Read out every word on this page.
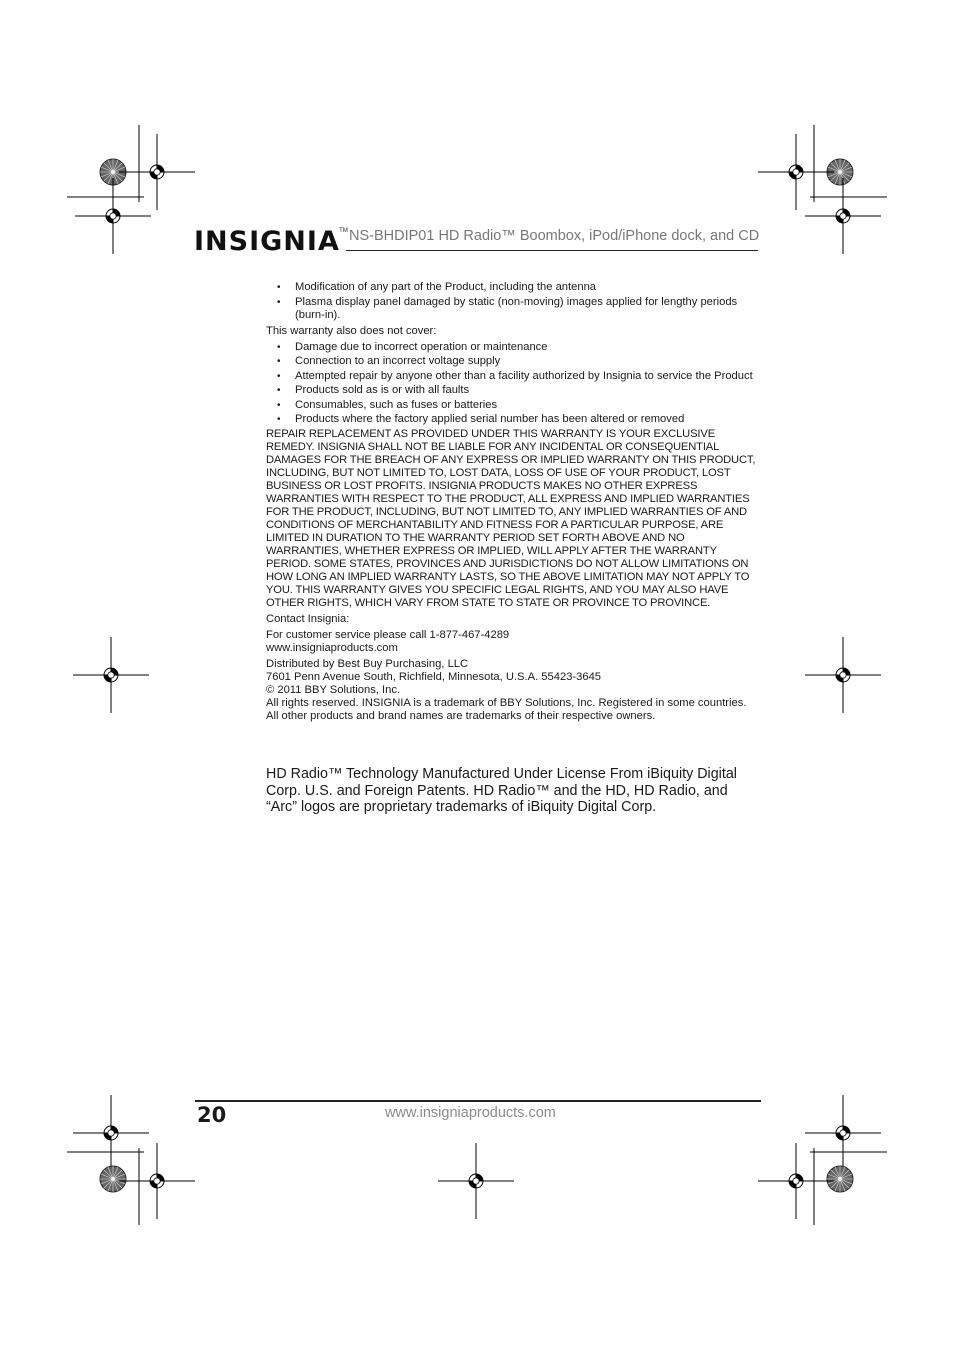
INSIGNIA TM NS-BHDIP01 HD Radio™ Boombox, iPod/iPhone dock, and CD
• Modification of any part of the Product, including the antenna
• Plasma display panel damaged by static (non-moving) images applied for lengthy periods (burn-in).

This warranty also does not cover:

• Damage due to incorrect operation or maintenance
• Connection to an incorrect voltage supply
• Attempted repair by anyone other than a facility authorized by Insignia to service the Product
• Products sold as is or with all faults
• Consumables, such as fuses or batteries
• Products where the factory applied serial number has been altered or removed

REPAIR REPLACEMENT AS PROVIDED UNDER THIS WARRANTY IS YOUR EXCLUSIVE REMEDY. INSIGNIA SHALL NOT BE LIABLE FOR ANY INCIDENTAL OR CONSEQUENTIAL DAMAGES FOR THE BREACH OF ANY EXPRESS OR IMPLIED WARRANTY ON THIS PRODUCT, INCLUDING, BUT NOT LIMITED TO, LOST DATA, LOSS OF USE OF YOUR PRODUCT, LOST BUSINESS OR LOST PROFITS. INSIGNIA PRODUCTS MAKES NO OTHER EXPRESS WARRANTIES WITH RESPECT TO THE PRODUCT, ALL EXPRESS AND IMPLIED WARRANTIES FOR THE PRODUCT, INCLUDING, BUT NOT LIMITED TO, ANY IMPLIED WARRANTIES OF AND CONDITIONS OF MERCHANTABILITY AND FITNESS FOR A PARTICULAR PURPOSE, ARE LIMITED IN DURATION TO THE WARRANTY PERIOD SET FORTH ABOVE AND NO WARRANTIES, WHETHER EXPRESS OR IMPLIED, WILL APPLY AFTER THE WARRANTY PERIOD. SOME STATES, PROVINCES AND JURISDICTIONS DO NOT ALLOW LIMITATIONS ON HOW LONG AN IMPLIED WARRANTY LASTS, SO THE ABOVE LIMITATION MAY NOT APPLY TO YOU. THIS WARRANTY GIVES YOU SPECIFIC LEGAL RIGHTS, AND YOU MAY ALSO HAVE OTHER RIGHTS, WHICH VARY FROM STATE TO STATE OR PROVINCE TO PROVINCE.

Contact Insignia:

For customer service please call 1-877-467-4289

www.insigniaproducts.com

Distributed by Best Buy Purchasing, LLC

7601 Penn Avenue South, Richfield, Minnesota, U.S.A. 55423-3645

© 2011 BBY Solutions, Inc.

All rights reserved. INSIGNIA is a trademark of BBY Solutions, Inc. Registered in some countries. All other products and brand names are trademarks of their respective owners.

HD Radio™ Technology Manufactured Under License From iBiquity Digital Corp. U.S. and Foreign Patents. HD Radio™ and the HD, HD Radio, and “Arc” logos are proprietary trademarks of iBiquity Digital Corp.
20	www.insigniaproducts.com
